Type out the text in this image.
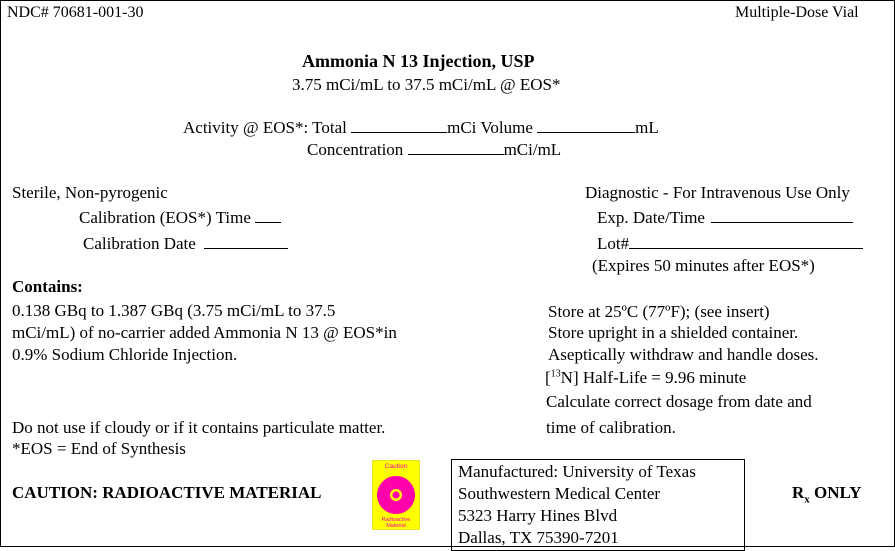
NDC# 70681-001-30	Multiple-Dose Vial
Ammonia N 13 Injection, USP
3.75 mCi/mL to 37.5 mCi/mL @ EOS*
Activity @ EOS*: Total	mCi Volume	mL
Concentration	mCi/mL
Sterile, Non-pyrogenic
Calibration (EOS*) Time
Calibration Date
Diagnostic - For Intravenous Use Only
Exp. Date/Time
Lot#
(Expires 50 minutes after EOS*)
Contains:
0.138 GBq to 1.387 GBq (3.75 mCi/mL to 37.5
mCi/mL) of no-carrier added Ammonia N 13 @ EOS*in
0.9% Sodium Chloride Injection.
Store at 25ºC (77ºF); (see insert)
Store upright in a shielded container.
Aseptically withdraw and handle doses.
[$^{13}$N] Half-Life = 9.96 minute
Calculate correct dosage from date and
time of calibration.
Do not use if cloudy or if it contains particulate matter.
*EOS = End of Synthesis
CAUTION: RADIOACTIVE MATERIAL
Caution
Radioactive
Material
Manufactured: University of Texas
Southwestern Medical Center
5323 Harry Hines Blvd
Dallas, TX 75390-7201
$R_x$ ONLY
